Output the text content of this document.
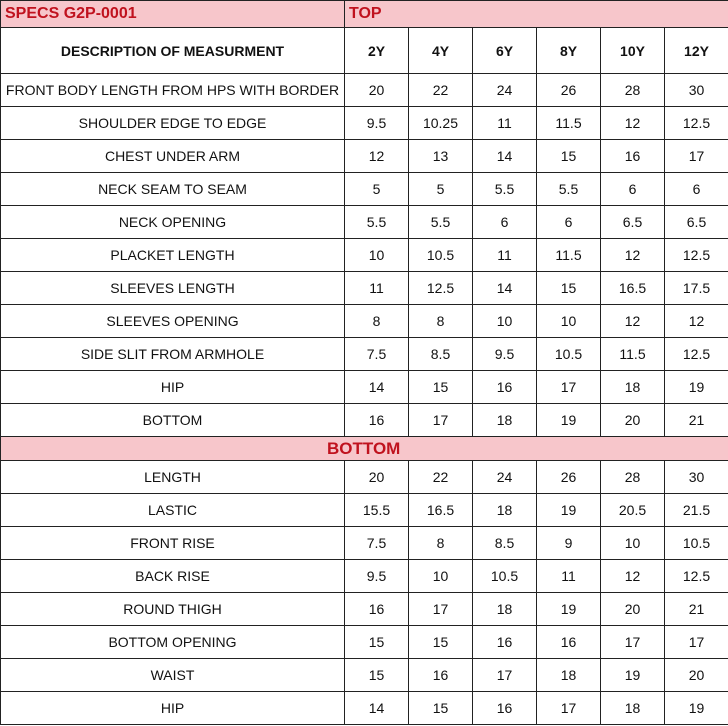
SPECS G2P-0001	TOP					
DESCRIPTION OF MEASURMENT	2Y	4Y	6Y	8Y	10Y	12Y
FRONT BODY LENGTH FROM HPS WITH BORDER	20	22	24	26	28	30
SHOULDER EDGE TO EDGE	9.5	10.25	11	11.5	12	12.5
CHEST UNDER ARM	12	13	14	15	16	17
NECK SEAM TO SEAM	5	5	5.5	5.5	6	6
NECK OPENING	5.5	5.5	6	6	6.5	6.5
PLACKET LENGTH	10	10.5	11	11.5	12	12.5
SLEEVES LENGTH	11	12.5	14	15	16.5	17.5
SLEEVES OPENING	8	8	10	10	12	12
SIDE SLIT FROM ARMHOLE	7.5	8.5	9.5	10.5	11.5	12.5
HIP	14	15	16	17	18	19
BOTTOM	16	17	18	19	20	21
BOTTOM						
LENGTH	20	22	24	26	28	30
LASTIC	15.5	16.5	18	19	20.5	21.5
FRONT RISE	7.5	8	8.5	9	10	10.5
BACK RISE	9.5	10	10.5	11	12	12.5
ROUND THIGH	16	17	18	19	20	21
BOTTOM OPENING	15	15	16	16	17	17
WAIST	15	16	17	18	19	20
HIP	14	15	16	17	18	19
